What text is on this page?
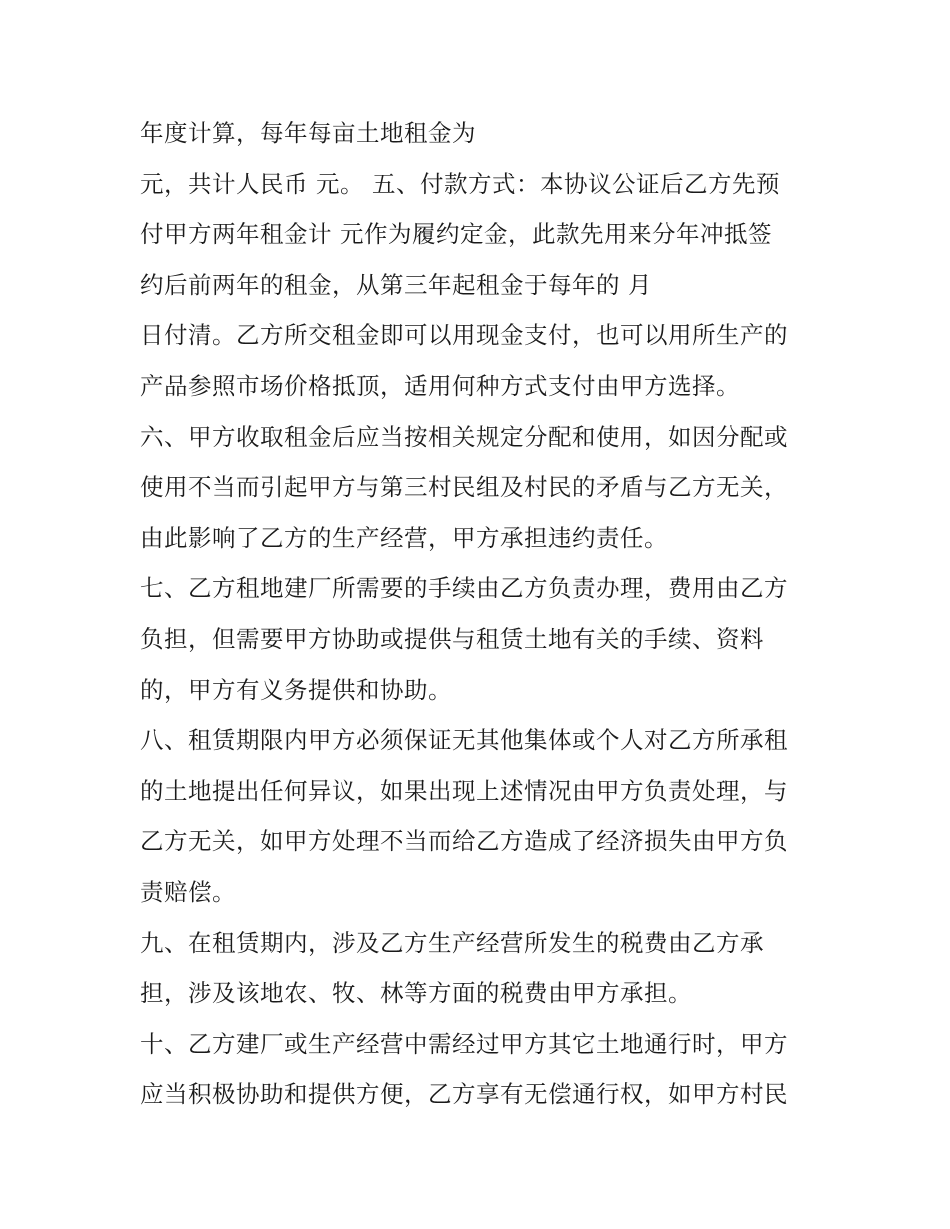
年度计算，每年每亩土地租金为
元，共计人民币 元。 五、付款方式：本协议公证后乙方先预
付甲方两年租金计 元作为履约定金，此款先用来分年冲抵签
约后前两年的租金，从第三年起租金于每年的 月
日付清。乙方所交租金即可以用现金支付，也可以用所生产的
产品参照市场价格抵顶，适用何种方式支付由甲方选择。
六、甲方收取租金后应当按相关规定分配和使用，如因分配或
使用不当而引起甲方与第三村民组及村民的矛盾与乙方无关，
由此影响了乙方的生产经营，甲方承担违约责任。
七、乙方租地建厂所需要的手续由乙方负责办理，费用由乙方
负担，但需要甲方协助或提供与租赁土地有关的手续、资料
的，甲方有义务提供和协助。
八、租赁期限内甲方必须保证无其他集体或个人对乙方所承租
的土地提出任何异议，如果出现上述情况由甲方负责处理，与
乙方无关，如甲方处理不当而给乙方造成了经济损失由甲方负
责赔偿。
九、在租赁期内，涉及乙方生产经营所发生的税费由乙方承
担，涉及该地农、牧、林等方面的税费由甲方承担。
十、乙方建厂或生产经营中需经过甲方其它土地通行时，甲方
应当积极协助和提供方便，乙方享有无偿通行权，如甲方村民
